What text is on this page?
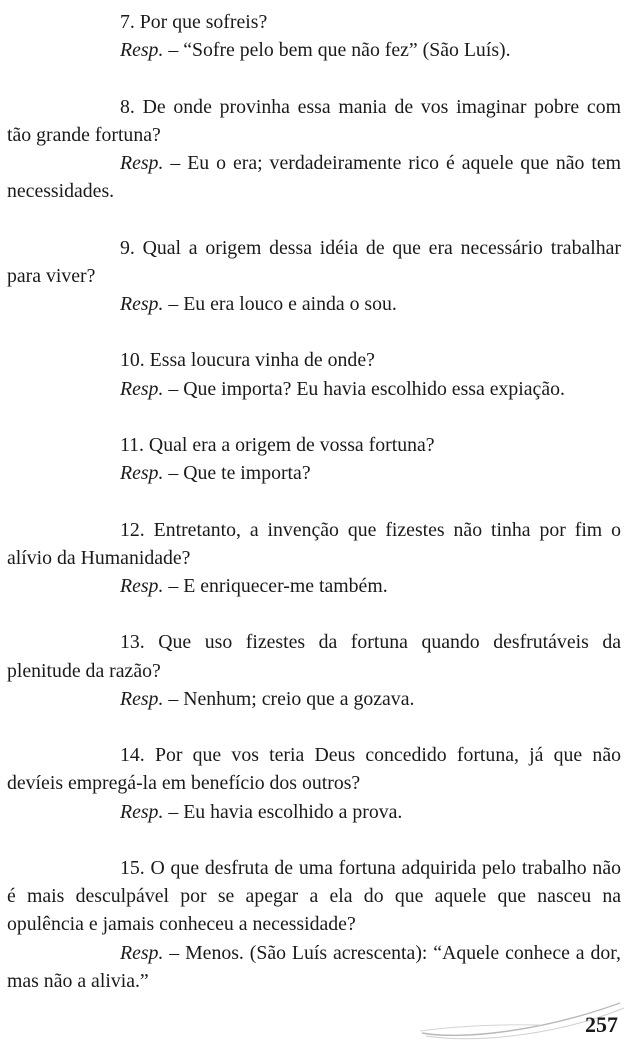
7. Por que sofreis?

Resp. – “Sofre pelo bem que não fez” (São Luís).

8. De onde provinha essa mania de vos imaginar pobre com tão grande fortuna?

Resp. – Eu o era; verdadeiramente rico é aquele que não tem necessidades.

9. Qual a origem dessa idéia de que era necessário trabalhar para viver?

Resp. – Eu era louco e ainda o sou.

10. Essa loucura vinha de onde?

Resp. – Que importa? Eu havia escolhido essa expiação.

11. Qual era a origem de vossa fortuna?

Resp. – Que te importa?

12. Entretanto, a invenção que fizestes não tinha por fim o alívio da Humanidade?

Resp. – E enriquecer-me também.

13. Que uso fizestes da fortuna quando desfrutáveis da plenitude da razão?

Resp. – Nenhum; creio que a gozava.

14. Por que vos teria Deus concedido fortuna, já que não devíeis empregá-la em benefício dos outros?

Resp. – Eu havia escolhido a prova.

15. O que desfruta de uma fortuna adquirida pelo trabalho não é mais desculpável por se apegar a ela do que aquele que nasceu na opulência e jamais conheceu a necessidade?

Resp. – Menos. (São Luís acrescenta): “Aquele conhece a dor, mas não a alivia.”

257
